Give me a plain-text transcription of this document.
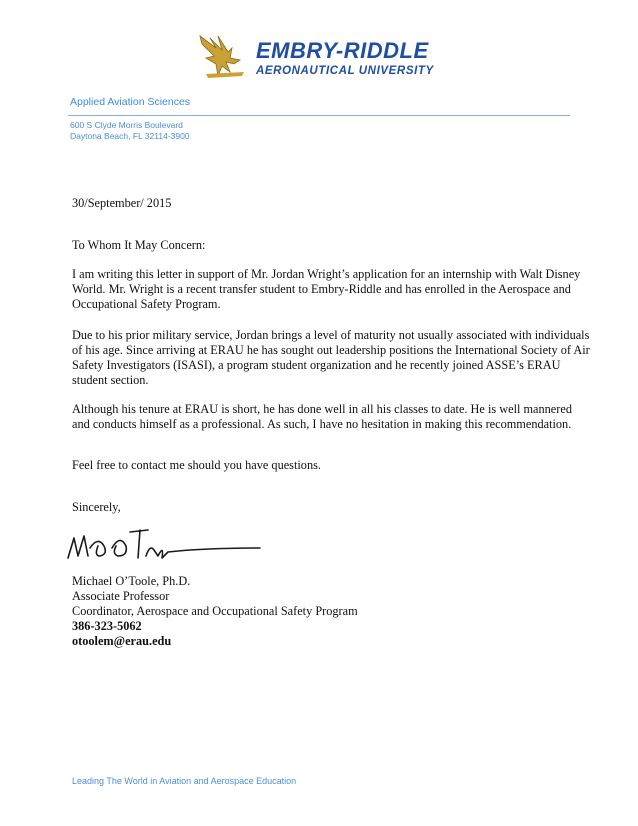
EMBRY-RIDDLE
AERONAUTICAL UNIVERSITY
Applied Aviation Sciences
600 S Clyde Morris Boulevard
Daytona Beach, FL 32114-3900
30/September/ 2015
To Whom It May Concern:
I am writing this letter in support of Mr. Jordan Wright’s application for an internship with Walt Disney World. Mr. Wright is a recent transfer student to Embry-Riddle and has enrolled in the Aerospace and Occupational Safety Program.
Due to his prior military service, Jordan brings a level of maturity not usually associated with individuals of his age. Since arriving at ERAU he has sought out leadership positions the International Society of Air Safety Investigators (ISASI), a program student organization and he recently joined ASSE’s ERAU student section.
Although his tenure at ERAU is short, he has done well in all his classes to date. He is well mannered and conducts himself as a professional. As such, I have no hesitation in making this recommendation.
Feel free to contact me should you have questions.
Sincerely,
Michael O’Toole, Ph.D.
Associate Professor
Coordinator, Aerospace and Occupational Safety Program
386-323-5062
otoolem@erau.edu
Leading The World in Aviation and Aerospace Education
